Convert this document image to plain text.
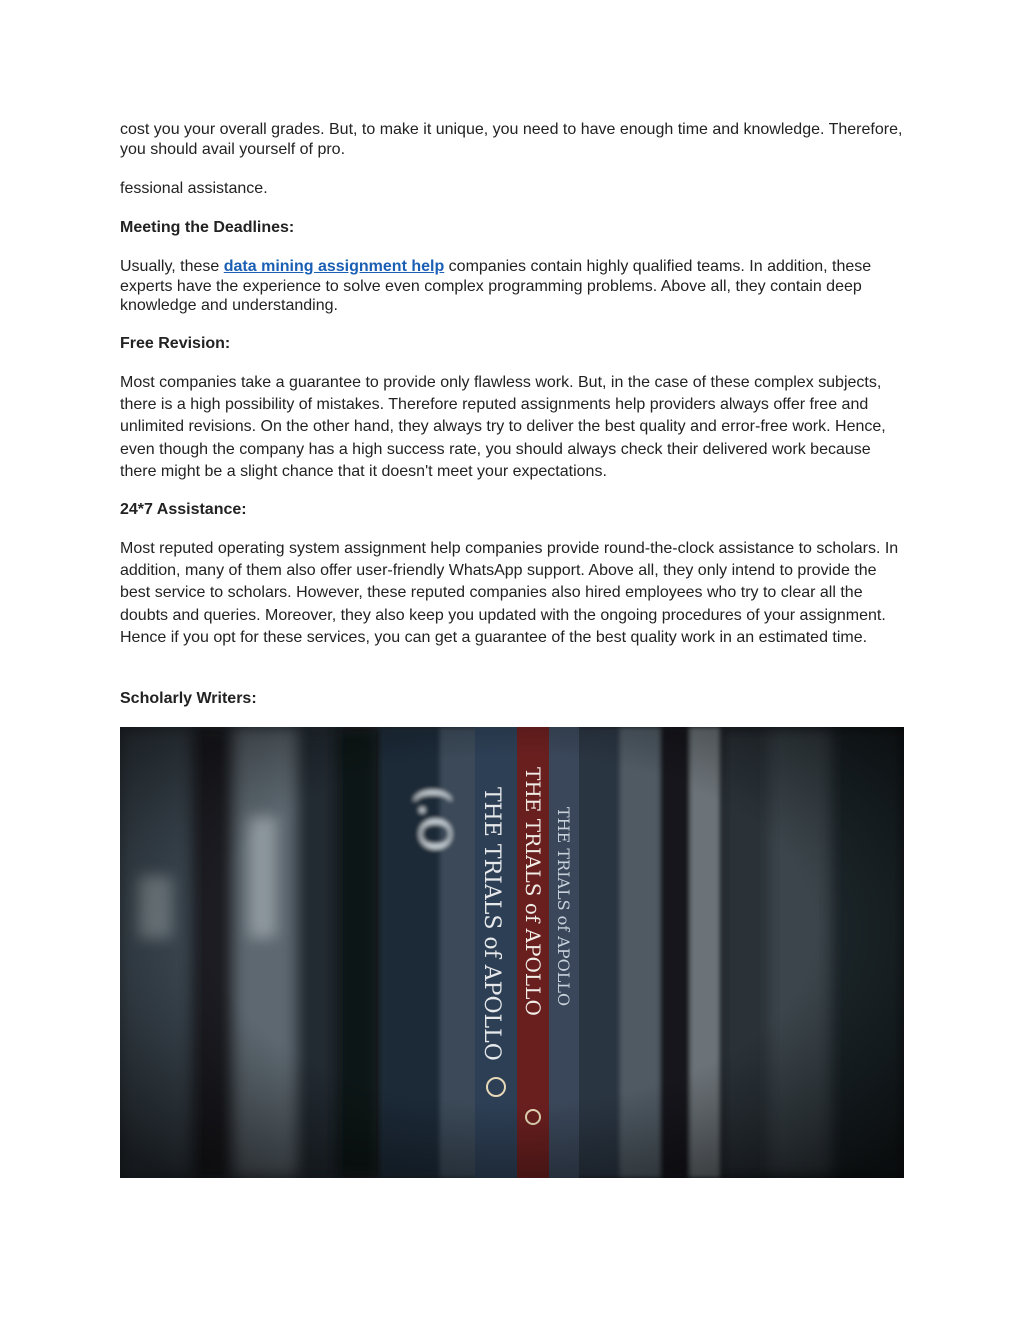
cost you your overall grades. But, to make it unique, you need to have enough time and knowledge. Therefore, you should avail yourself of pro.

fessional assistance.

Meeting the Deadlines:

Usually, these data mining assignment help companies contain highly qualified teams. In addition, these experts have the experience to solve even complex programming problems. Above all, they contain deep knowledge and understanding.

Free Revision:

Most companies take a guarantee to provide only flawless work. But, in the case of these complex subjects, there is a high possibility of mistakes. Therefore reputed assignments help providers always offer free and unlimited revisions. On the other hand, they always try to deliver the best quality and error-free work. Hence, even though the company has a high success rate, you should always check their delivered work because there might be a slight chance that it doesn't meet your expectations.

24*7 Assistance:

Most reputed operating system assignment help companies provide round-the-clock assistance to scholars. In addition, many of them also offer user-friendly WhatsApp support. Above all, they only intend to provide the best service to scholars. However, these reputed companies also hired employees who try to clear all the doubts and queries. Moreover, they also keep you updated with the ongoing procedures of your assignment. Hence if you opt for these services, you can get a guarantee of the best quality work in an estimated time.

Scholarly Writers:
